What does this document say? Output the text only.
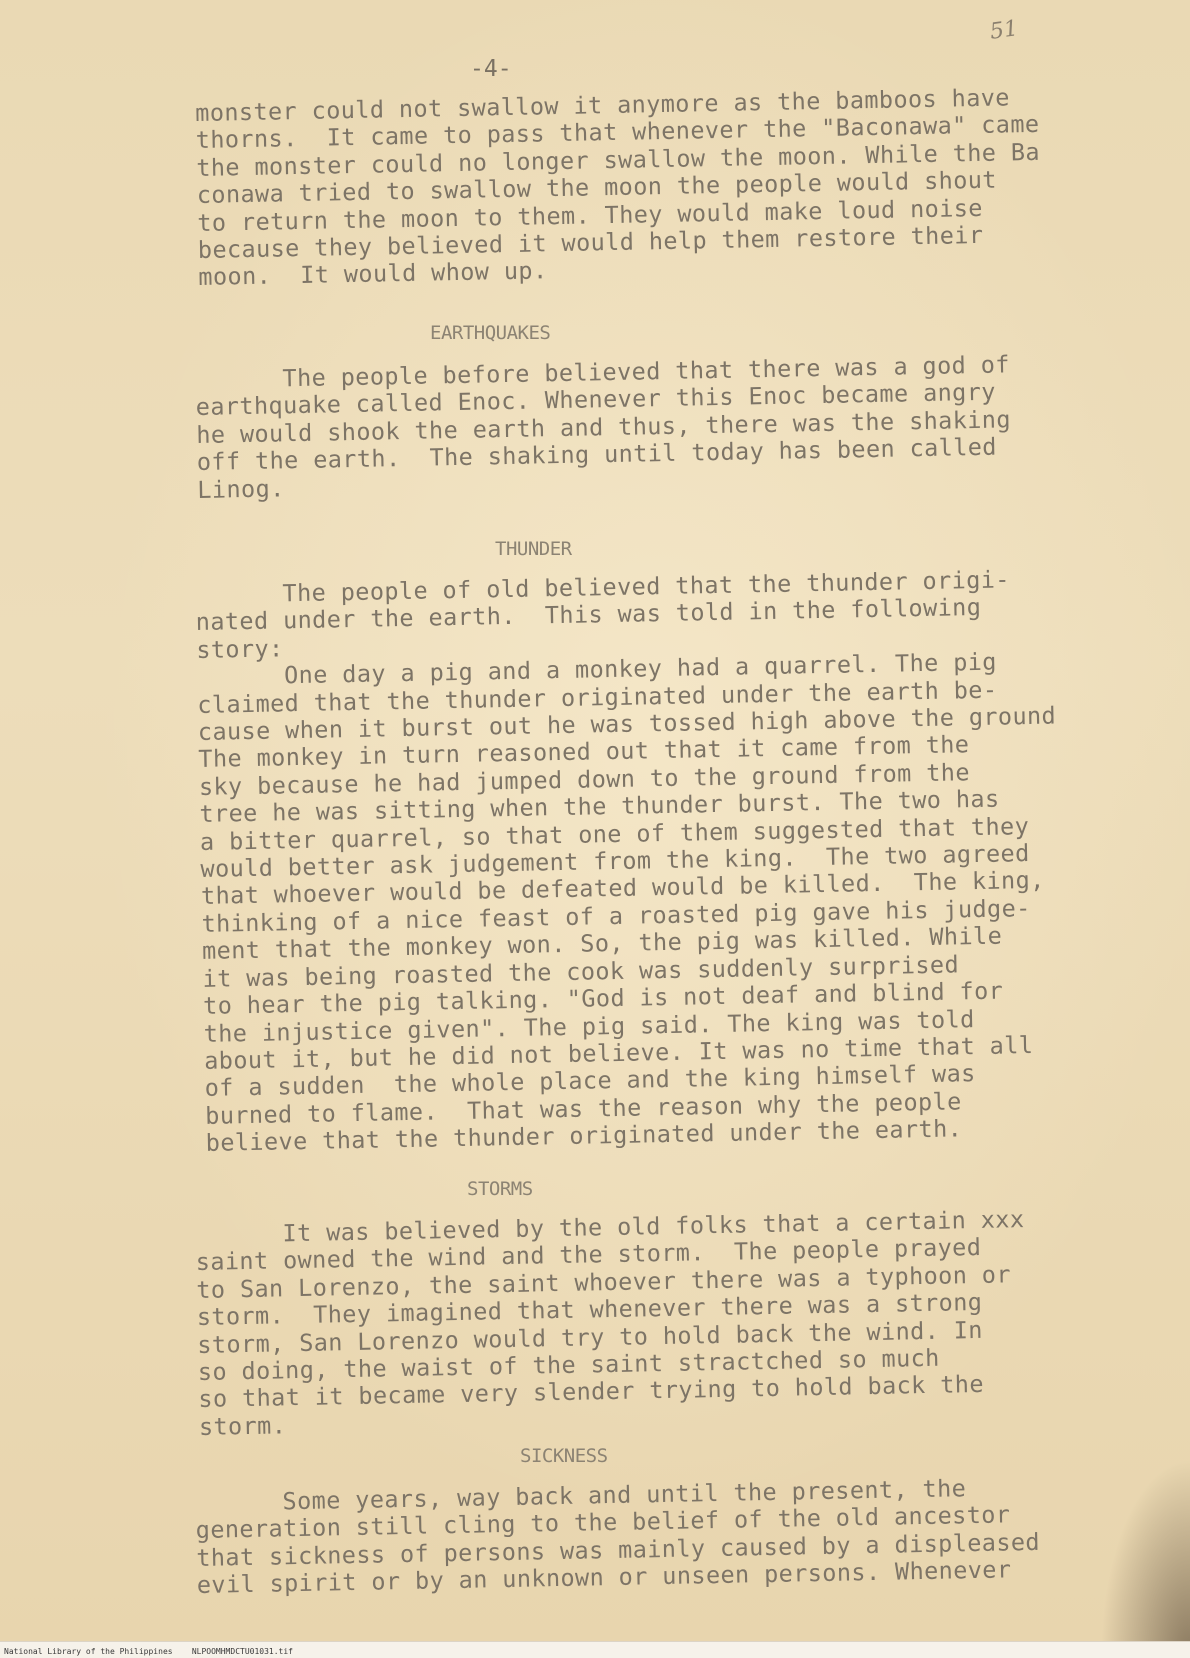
51
-4-
monster could not swallow it anymore as the bamboos have
thorns.  It came to pass that whenever the "Baconawa" came
the monster could no longer swallow the moon. While the Ba
conawa tried to swallow the moon the people would shout
to return the moon to them. They would make loud noise
because they believed it would help them restore their
moon.  It would whow up.
EARTHQUAKES
The people before believed that there was a god of
earthquake called Enoc. Whenever this Enoc became angry
he would shook the earth and thus, there was the shaking
off the earth.  The shaking until today has been called
Linog.
THUNDER
The people of old believed that the thunder origi-
nated under the earth.  This was told in the following
story:
One day a pig and a monkey had a quarrel. The pig
claimed that the thunder originated under the earth be-
cause when it burst out he was tossed high above the ground
The monkey in turn reasoned out that it came from the
sky because he had jumped down to the ground from the
tree he was sitting when the thunder burst. The two has
a bitter quarrel, so that one of them suggested that they
would better ask judgement from the king.  The two agreed
that whoever would be defeated would be killed.  The king,
thinking of a nice feast of a roasted pig gave his judge-
ment that the monkey won. So, the pig was killed. While
it was being roasted the cook was suddenly surprised
to hear the pig talking. "God is not deaf and blind for
the injustice given". The pig said. The king was told
about it, but he did not believe. It was no time that all
of a sudden  the whole place and the king himself was
burned to flame.  That was the reason why the people
believe that the thunder originated under the earth.
STORMS
It was believed by the old folks that a certain xxx
saint owned the wind and the storm.  The people prayed
to San Lorenzo, the saint whoever there was a typhoon or
storm.  They imagined that whenever there was a strong
storm, San Lorenzo would try to hold back the wind. In
so doing, the waist of the saint stractched so much
so that it became very slender trying to hold back the
storm.
SICKNESS
Some years, way back and until the present, the
generation still cling to the belief of the old ancestor
that sickness of persons was mainly caused by a displeased
evil spirit or by an unknown or unseen persons. Whenever
National Library of the Philippines    NLPOOMHMDCTU01031.tif
